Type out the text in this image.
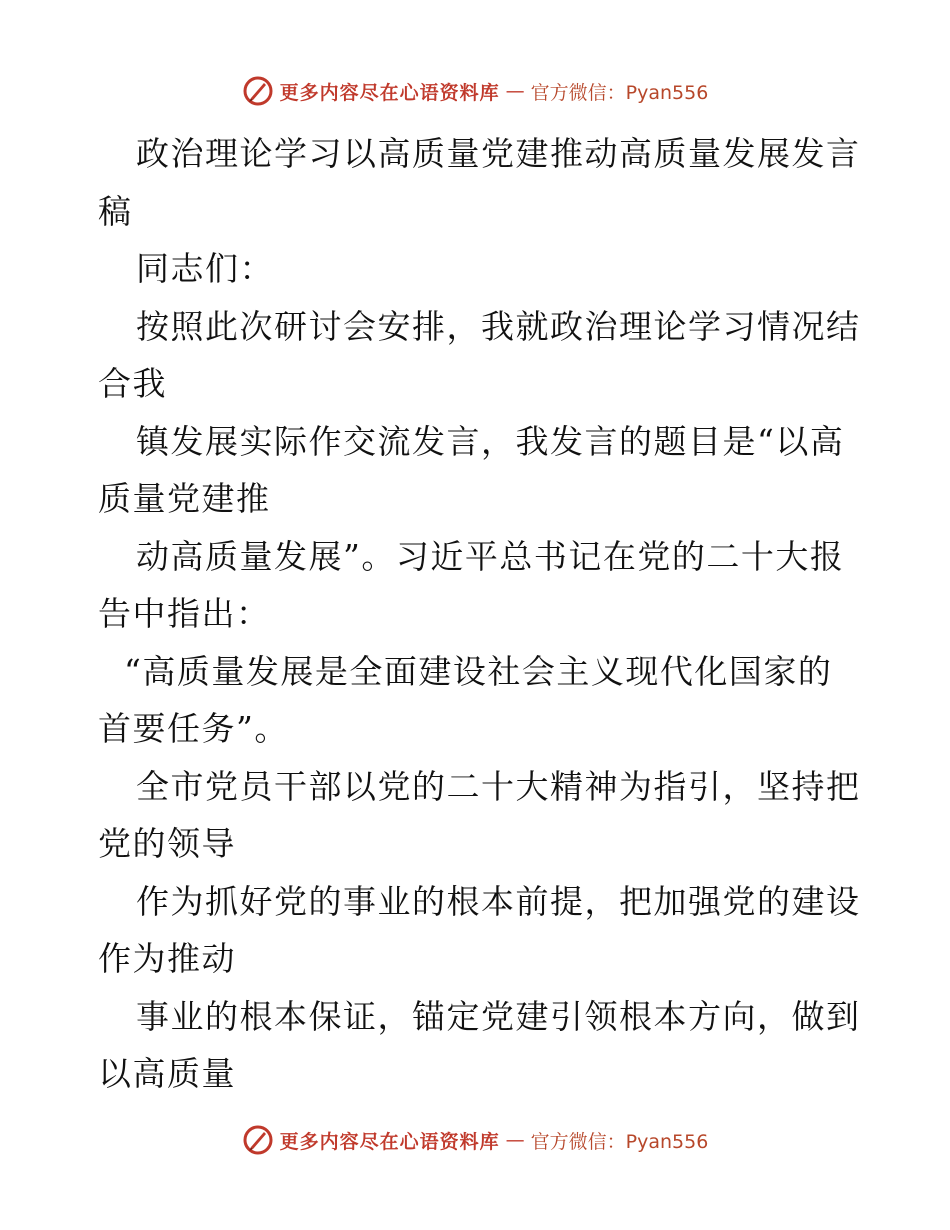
更多内容尽在心语资料库 — 官方微信：Pyan556
政治理论学习以高质量党建推动高质量发展发言
稿
同志们：
按照此次研讨会安排，我就政治理论学习情况结
合我
镇发展实际作交流发言，我发言的题目是“以高
质量党建推
动高质量发展”。习近平总书记在党的二十大报
告中指出：
“高质量发展是全面建设社会主义现代化国家的
首要任务”。
全市党员干部以党的二十大精神为指引，坚持把
党的领导
作为抓好党的事业的根本前提，把加强党的建设
作为推动
事业的根本保证，锚定党建引领根本方向，做到
以高质量
更多内容尽在心语资料库 — 官方微信：Pyan556
